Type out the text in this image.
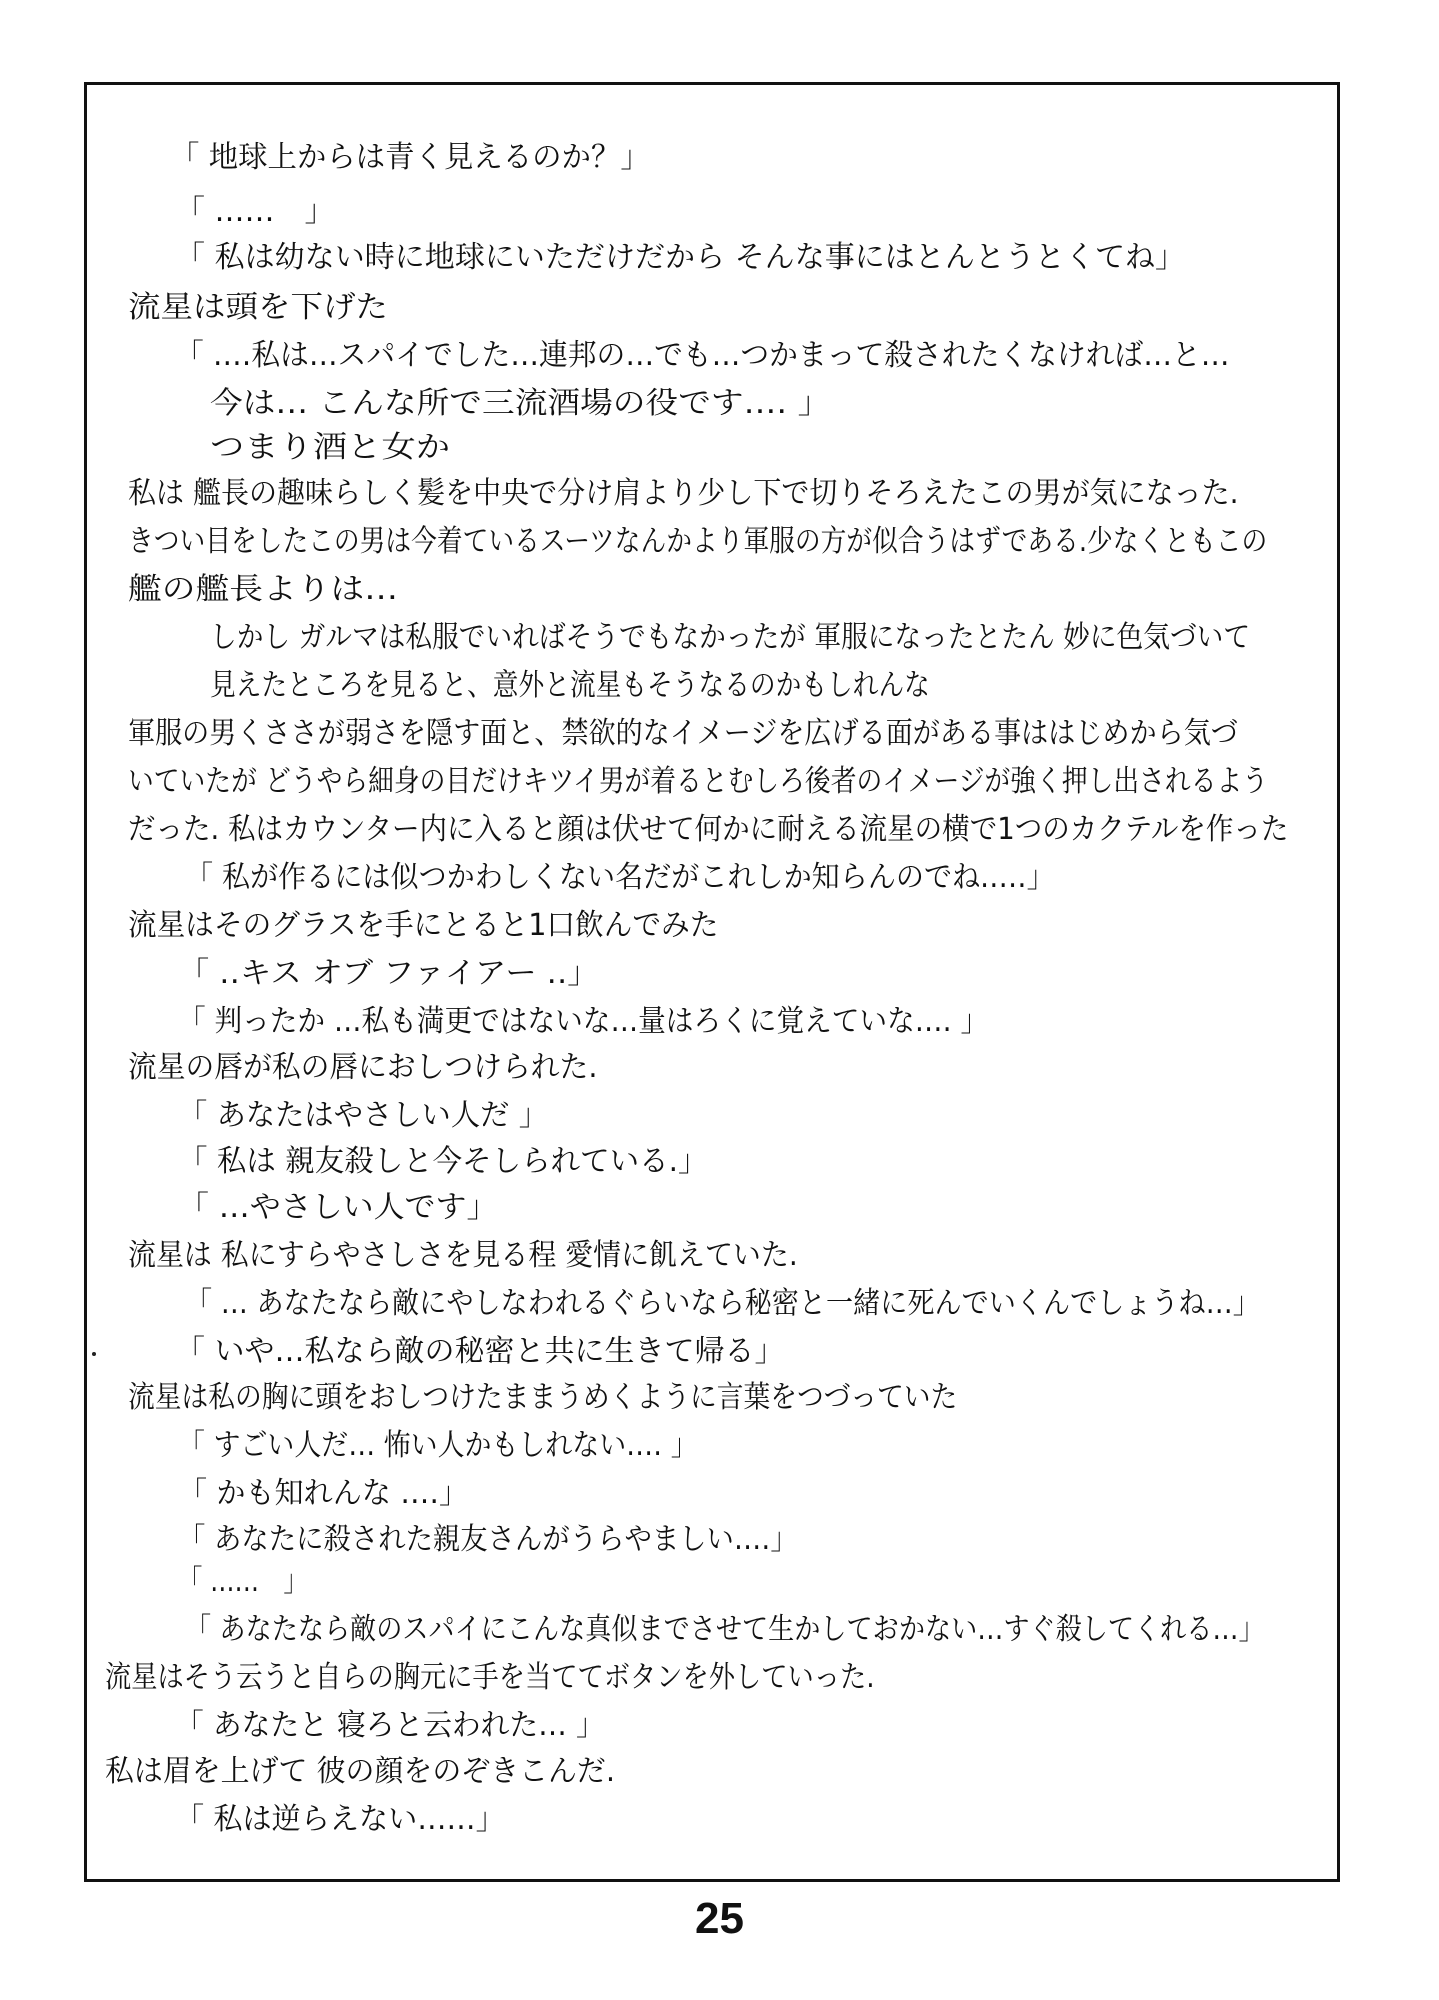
「 地球上からは青く見えるのか？」
「 ……　」
「 私は幼ない時に地球にいただけだから そんな事にはとんとうとくてね」
流星は頭を下げた
「 ‥‥私は…スパイでした…連邦の…でも…つかまって殺されたくなければ…と…
今は… こんな所で三流酒場の役です‥‥ 」
つまり酒と女か
私は 艦長の趣味らしく髪を中央で分け肩より少し下で切りそろえたこの男が気になった.
きつい目をしたこの男は今着ているスーツなんかより軍服の方が似合うはずである.少なくともこの
艦の艦長よりは…
しかし ガルマは私服でいればそうでもなかったが 軍服になったとたん 妙に色気づいて
見えたところを見ると、意外と流星もそうなるのかもしれんな
軍服の男くささが弱さを隠す面と、禁欲的なイメージを広げる面がある事ははじめから気づ
いていたが どうやら細身の目だけキツイ男が着るとむしろ後者のイメージが強く押し出されるよう
だった. 私はカウンター内に入ると顔は伏せて何かに耐える流星の横で1つのカクテルを作った
「 私が作るには似つかわしくない名だがこれしか知らんのでね.‥‥」
流星はそのグラスを手にとると1口飲んでみた
「 ‥キス オブ ファイアー ‥」
「 判ったか …私も満更ではないな…量はろくに覚えていな‥‥ 」
流星の唇が私の唇におしつけられた.
「 あなたはやさしい人だ 」
「 私は 親友殺しと今そしられている.」
「 …やさしい人です」
流星は 私にすらやさしさを見る程 愛情に飢えていた.
「 … あなたなら敵にやしなわれるぐらいなら秘密と一緒に死んでいくんでしょうね…」
「 いや…私なら敵の秘密と共に生きて帰る」
流星は私の胸に頭をおしつけたままうめくように言葉をつづっていた
「 すごい人だ… 怖い人かもしれない‥‥ 」
「 かも知れんな ‥‥」
「 あなたに殺された親友さんがうらやましい‥‥」
「 ‥‥‥　」
「 あなたなら敵のスパイにこんな真似までさせて生かしておかない…すぐ殺してくれる…」
流星はそう云うと自らの胸元に手を当ててボタンを外していった.
「 あなたと 寝ろと云われた… 」
私は眉を上げて 彼の顔をのぞきこんだ.
「 私は逆らえない‥‥‥」
25
